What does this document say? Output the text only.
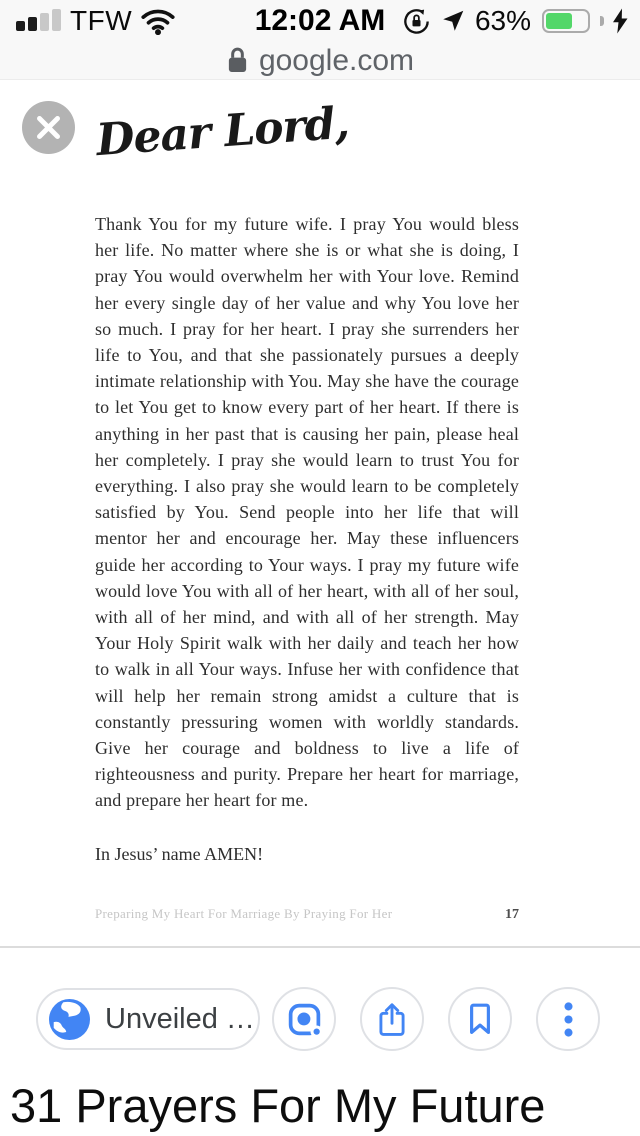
TFW	12:02 AM	63%
google.com
Dear Lord,

Thank You for my future wife. I pray You would bless her life. No matter where she is or what she is doing, I pray You would overwhelm her with Your love. Remind her every single day of her value and why You love her so much. I pray for her heart. I pray she surrenders her life to You, and that she passionately pursues a deeply intimate relationship with You. May she have the courage to let You get to know every part of her heart. If there is anything in her past that is causing her pain, please heal her completely. I pray she would learn to trust You for everything. I also pray she would learn to be completely satisfied by You. Send people into her life that will mentor her and encourage her. May these influencers guide her according to Your ways. I pray my future wife would love You with all of her heart, with all of her soul, with all of her mind, and with all of her strength. May Your Holy Spirit walk with her daily and teach her how to walk in all Your ways. Infuse her with confidence that will help her remain strong amidst a culture that is constantly pressuring women with worldly standards. Give her courage and boldness to live a life of righteousness and purity. Prepare her heart for marriage, and prepare her heart for me.

In Jesus’ name AMEN!

Preparing My Heart For Marriage By Praying For Her	17
Unveiled …
31 Prayers For My Future
